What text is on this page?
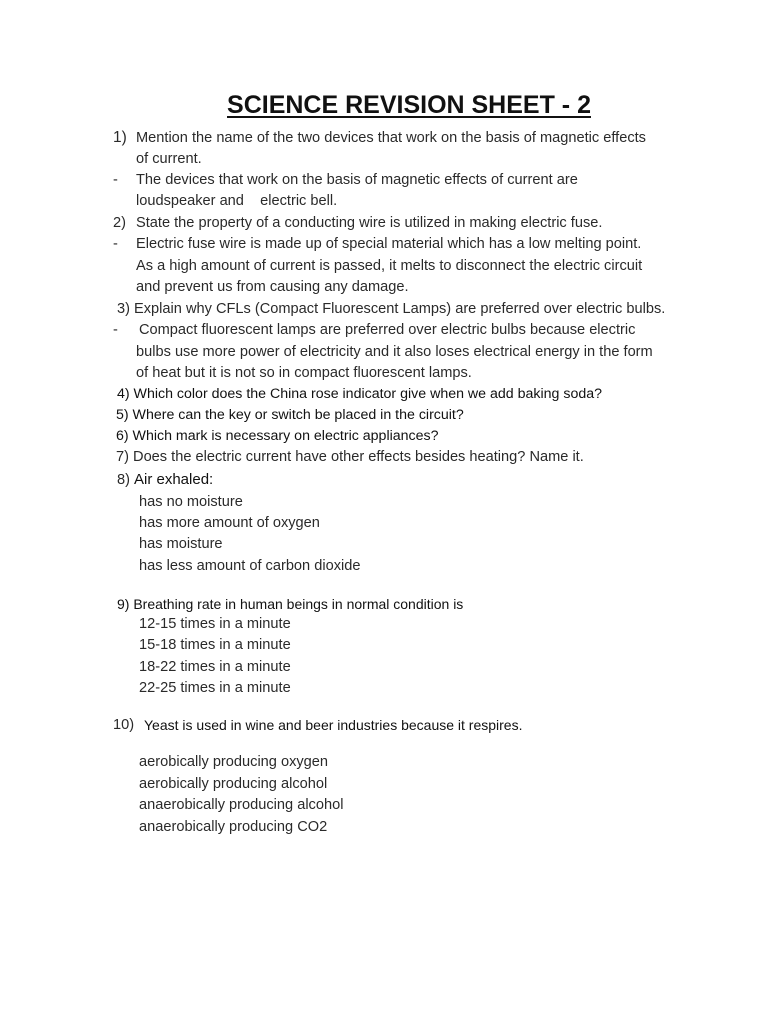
SCIENCE REVISION SHEET - 2
1) Mention the name of the two devices that work on the basis of magnetic effects
of current.
- The devices that work on the basis of magnetic effects of current are
loudspeaker and    electric bell.
2) State the property of a conducting wire is utilized in making electric fuse.
- Electric fuse wire is made up of special material which has a low melting point.
As a high amount of current is passed, it melts to disconnect the electric circuit
and prevent us from causing any damage.
3) Explain why CFLs (Compact Fluorescent Lamps) are preferred over electric bulbs.
- Compact fluorescent lamps are preferred over electric bulbs because electric
bulbs use more power of electricity and it also loses electrical energy in the form
of heat but it is not so in compact fluorescent lamps.
4) Which color does the China rose indicator give when we add baking soda?
5) Where can the key or switch be placed in the circuit?
6) Which mark is necessary on electric appliances?
7) Does the electric current have other effects besides heating? Name it.
8) Air exhaled:
has no moisture
has more amount of oxygen
has moisture
has less amount of carbon dioxide
9) Breathing rate in human beings in normal condition is
12-15 times in a minute
15-18 times in a minute
18-22 times in a minute
22-25 times in a minute
10) Yeast is used in wine and beer industries because it respires.
aerobically producing oxygen
aerobically producing alcohol
anaerobically producing alcohol
anaerobically producing CO2
